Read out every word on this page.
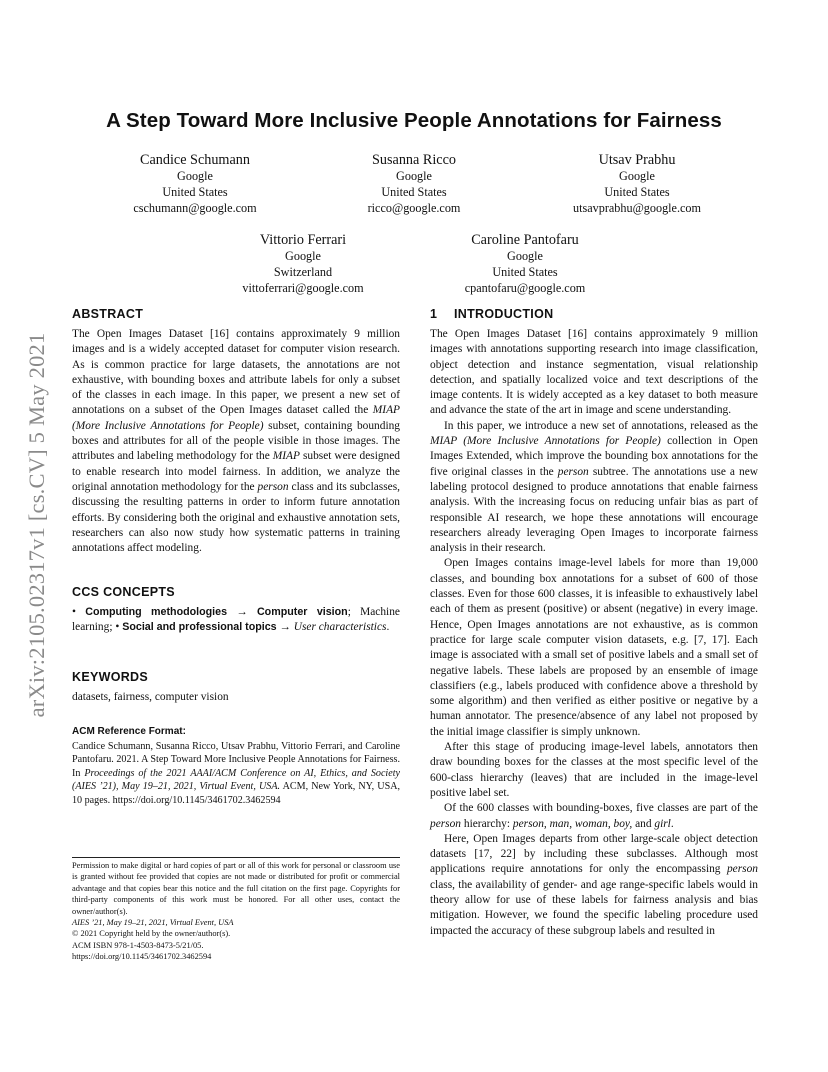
arXiv:2105.02317v1 [cs.CV] 5 May 2021
A Step Toward More Inclusive People Annotations for Fairness
Candice Schumann
Google
United States
cschumann@google.com
Susanna Ricco
Google
United States
ricco@google.com
Utsav Prabhu
Google
United States
utsavprabhu@google.com
Vittorio Ferrari
Google
Switzerland
vittoferrari@google.com
Caroline Pantofaru
Google
United States
cpantofaru@google.com
ABSTRACT

The Open Images Dataset [16] contains approximately 9 million images and is a widely accepted dataset for computer vision research. As is common practice for large datasets, the annotations are not exhaustive, with bounding boxes and attribute labels for only a subset of the classes in each image. In this paper, we present a new set of annotations on a subset of the Open Images dataset called the MIAP (More Inclusive Annotations for People) subset, containing bounding boxes and attributes for all of the people visible in those images. The attributes and labeling methodology for the MIAP subset were designed to enable research into model fairness. In addition, we analyze the original annotation methodology for the person class and its subclasses, discussing the resulting patterns in order to inform future annotation efforts. By considering both the original and exhaustive annotation sets, researchers can also now study how systematic patterns in training annotations affect modeling.

CCS CONCEPTS

• Computing methodologies → Computer vision; Machine learning; • Social and professional topics → User characteristics.

KEYWORDS
datasets, fairness, computer vision
ACM Reference Format:
Candice Schumann, Susanna Ricco, Utsav Prabhu, Vittorio Ferrari, and Caroline Pantofaru. 2021. A Step Toward More Inclusive People Annotations for Fairness. In Proceedings of the 2021 AAAI/ACM Conference on AI, Ethics, and Society (AIES ’21), May 19–21, 2021, Virtual Event, USA. ACM, New York, NY, USA, 10 pages. https://doi.org/10.1145/3461702.3462594
Permission to make digital or hard copies of part or all of this work for personal or classroom use is granted without fee provided that copies are not made or distributed for profit or commercial advantage and that copies bear this notice and the full citation on the first page. Copyrights for third-party components of this work must be honored. For all other uses, contact the owner/author(s).
AIES ’21, May 19–21, 2021, Virtual Event, USA
© 2021 Copyright held by the owner/author(s).
ACM ISBN 978-1-4503-8473-5/21/05.
https://doi.org/10.1145/3461702.3462594
1 INTRODUCTION

The Open Images Dataset [16] contains approximately 9 million images with annotations supporting research into image classification, object detection and instance segmentation, visual relationship detection, and spatially localized voice and text descriptions of the image contents. It is widely accepted as a key dataset to both measure and advance the state of the art in image and scene understanding.

In this paper, we introduce a new set of annotations, released as the MIAP (More Inclusive Annotations for People) collection in Open Images Extended, which improve the bounding box annotations for the five original classes in the person subtree. The annotations use a new labeling protocol designed to produce annotations that enable fairness analysis. With the increasing focus on reducing unfair bias as part of responsible AI research, we hope these annotations will encourage researchers already leveraging Open Images to incorporate fairness analysis in their research.

Open Images contains image-level labels for more than 19,000 classes, and bounding box annotations for a subset of 600 of those classes. Even for those 600 classes, it is infeasible to exhaustively label each of them as present (positive) or absent (negative) in every image. Hence, Open Images annotations are not exhaustive, as is common practice for large scale computer vision datasets, e.g. [7, 17]. Each image is associated with a small set of positive labels and a small set of negative labels. These labels are proposed by an ensemble of image classifiers (e.g., labels produced with confidence above a threshold by some algorithm) and then verified as either positive or negative by a human annotator. The presence/absence of any label not proposed by the initial image classifier is simply unknown.

After this stage of producing image-level labels, annotators then draw bounding boxes for the classes at the most specific level of the 600-class hierarchy (leaves) that are included in the image-level positive label set.

Of the 600 classes with bounding-boxes, five classes are part of the person hierarchy: person, man, woman, boy, and girl.

Here, Open Images departs from other large-scale object detection datasets [17, 22] by including these subclasses. Although most applications require annotations for only the encompassing person class, the availability of gender- and age range-specific labels would in theory allow for use of these labels for fairness analysis and bias mitigation. However, we found the specific labeling procedure used impacted the accuracy of these subgroup labels and resulted in
